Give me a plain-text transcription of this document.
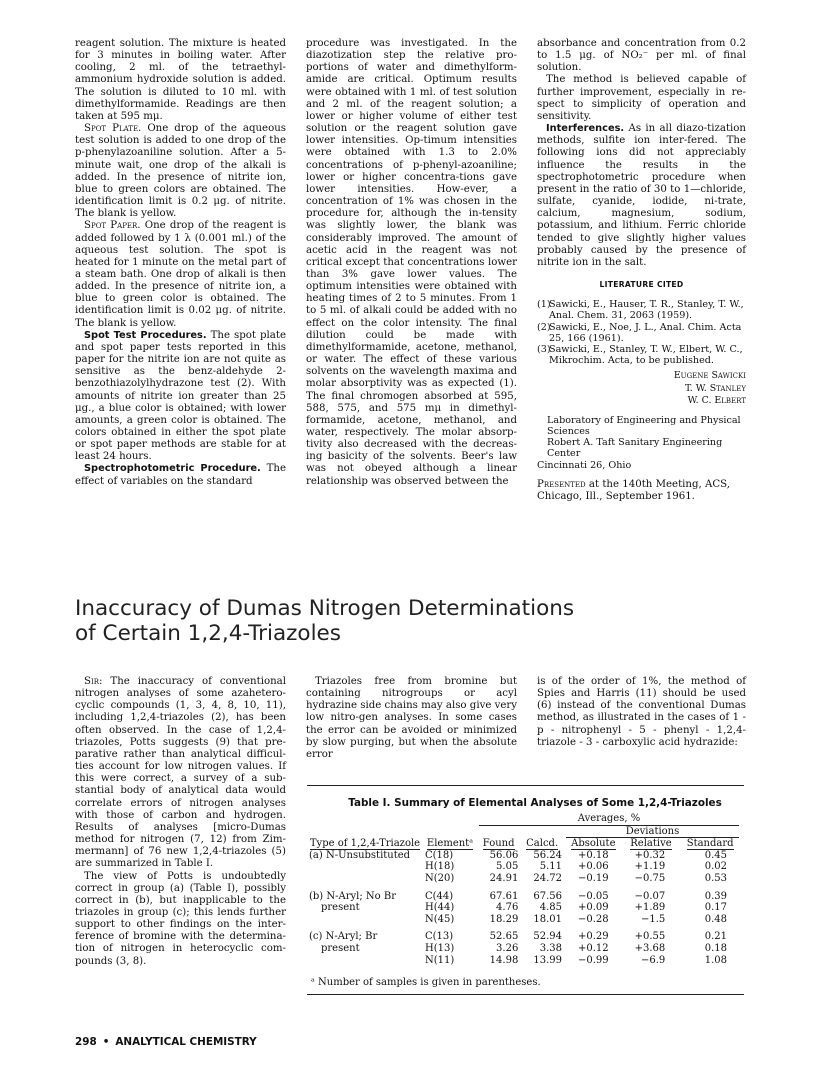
reagent solution. The mixture is heated for 3 minutes in boiling water. After cooling, 2 ml. of the tetraethyl-ammonium hydroxide solution is added. The solution is diluted to 10 ml. with dimethylformamide. Readings are then taken at 595 mμ.

Spot Plate. One drop of the aqueous test solution is added to one drop of the p-phenylazoaniline solution. After a 5-minute wait, one drop of the alkali is added. In the presence of nitrite ion, blue to green colors are obtained. The identification limit is 0.2 μg. of nitrite. The blank is yellow.

Spot Paper. One drop of the reagent is added followed by 1 λ (0.001 ml.) of the aqueous test solution. The spot is heated for 1 minute on the metal part of a steam bath. One drop of alkali is then added. In the presence of nitrite ion, a blue to green color is obtained. The identification limit is 0.02 μg. of nitrite. The blank is yellow.

Spot Test Procedures. The spot plate and spot paper tests reported in this paper for the nitrite ion are not quite as sensitive as the benz-aldehyde 2-benzothiazolylhydrazone test (2). With amounts of nitrite ion greater than 25 μg., a blue color is obtained; with lower amounts, a green color is obtained. The colors obtained in either the spot plate or spot paper methods are stable for at least 24 hours.

Spectrophotometric Procedure. The effect of variables on the standard

procedure was investigated. In the diazotization step the relative pro-portions of water and dimethylform-amide are critical. Optimum results were obtained with 1 ml. of test solution and 2 ml. of the reagent solution; a lower or higher volume of either test solution or the reagent solution gave lower intensities. Op-timum intensities were obtained with 1.3 to 2.0% concentrations of p-phenyl-azoaniline; lower or higher concentra-tions gave lower intensities. How-ever, a concentration of 1% was chosen in the procedure for, although the in-tensity was slightly lower, the blank was considerably improved. The amount of acetic acid in the reagent was not critical except that concentrations lower than 3% gave lower values. The optimum intensities were obtained with heating times of 2 to 5 minutes. From 1 to 5 ml. of alkali could be added with no effect on the color intensity. The final dilution could be made with dimethylformamide, acetone, methanol, or water. The effect of these various solvents on the wavelength maxima and molar absorptivity was as expected (1). The final chromogen absorbed at 595, 588, 575, and 575 mμ in dimethyl-formamide, acetone, methanol, and water, respectively. The molar absorp-tivity also decreased with the decreas-ing basicity of the solvents. Beer's law was not obeyed although a linear relationship was observed between the

absorbance and concentration from 0.2 to 1.5 μg. of NO₂⁻ per ml. of final solution.

The method is believed capable of further improvement, especially in re-spect to simplicity of operation and sensitivity.

Interferences. As in all diazo-tization methods, sulfite ion inter-fered. The following ions did not appreciably influence the results in the spectrophotometric procedure when present in the ratio of 30 to 1—chloride, sulfate, cyanide, iodide, ni-trate, calcium, magnesium, sodium, potassium, and lithium. Ferric chloride tended to give slightly higher values probably caused by the presence of nitrite ion in the salt.

LITERATURE CITED

(1)
Sawicki, E., Hauser, T. R., Stanley, T. W., Anal. Chem. 31, 2063 (1959).

(2)
Sawicki, E., Noe, J. L., Anal. Chim. Acta 25, 166 (1961).

(3)
Sawicki, E., Stanley, T. W., Elbert, W. C., Mikrochim. Acta, to be published.

Eugene Sawicki
T. W. Stanley
W. C. Elbert
Laboratory of Engineering and Physical Sciences
Robert A. Taft Sanitary Engineering Center
Cincinnati 26, Ohio

Presented at the 140th Meeting, ACS, Chicago, Ill., September 1961.

Inaccuracy of Dumas Nitrogen Determinations
of Certain 1,2,4-Triazoles

Sir: The inaccuracy of conventional nitrogen analyses of some azahetero-cyclic compounds (1, 3, 4, 8, 10, 11), including 1,2,4-triazoles (2), has been often observed. In the case of 1,2,4-triazoles, Potts suggests (9) that pre-parative rather than analytical difficul-ties account for low nitrogen values. If this were correct, a survey of a sub-stantial body of analytical data would correlate errors of nitrogen analyses with those of carbon and hydrogen. Results of analyses [micro-Dumas method for nitrogen (7, 12) from Zim-mermann] of 76 new 1,2,4-triazoles (5) are summarized in Table I.

The view of Potts is undoubtedly correct in group (a) (Table I), possibly correct in (b), but inapplicable to the triazoles in group (c); this lends further support to other findings on the inter-ference of bromine with the determina-tion of nitrogen in heterocyclic com-pounds (3, 8).

Triazoles free from bromine but containing nitrogroups or acyl hydrazine side chains may also give very low nitro-gen analyses. In some cases the error can be avoided or minimized by slow purging, but when the absolute error

is of the order of 1%, the method of Spies and Harris (11) should be used (6) instead of the conventional Dumas method, as illustrated in the cases of 1 - p - nitrophenyl - 5 - phenyl - 1,2,4-triazole - 3 - carboxylic acid hydrazide:

Table I. Summary of Elemental Analyses of Some 1,2,4-Triazoles
Type of 1,2,4-Triazole	Elementᵃ	Averages, %				

		Found	Calcd.	Deviations		

				Absolute	Relative	Standard
(a) N-Unsubstituted	C(18)	56.06	56.24	+0.18	+0.32	0.45
	H(18)	5.05	5.11	+0.06	+1.19	0.02
	N(20)	24.91	24.72	−0.19	−0.75	0.53
(b) N-Aryl; No Br	C(44)	67.61	67.56	−0.05	−0.07	0.39
present	H(44)	4.76	4.85	+0.09	+1.89	0.17
	N(45)	18.29	18.01	−0.28	−1.5	0.48
(c) N-Aryl; Br	C(13)	52.65	52.94	+0.29	+0.55	0.21
present	H(13)	3.26	3.38	+0.12	+3.68	0.18
	N(11)	14.98	13.99	−0.99	−6.9	1.08
ᵃ Number of samples is given in parentheses.
298 • ANALYTICAL CHEMISTRY
